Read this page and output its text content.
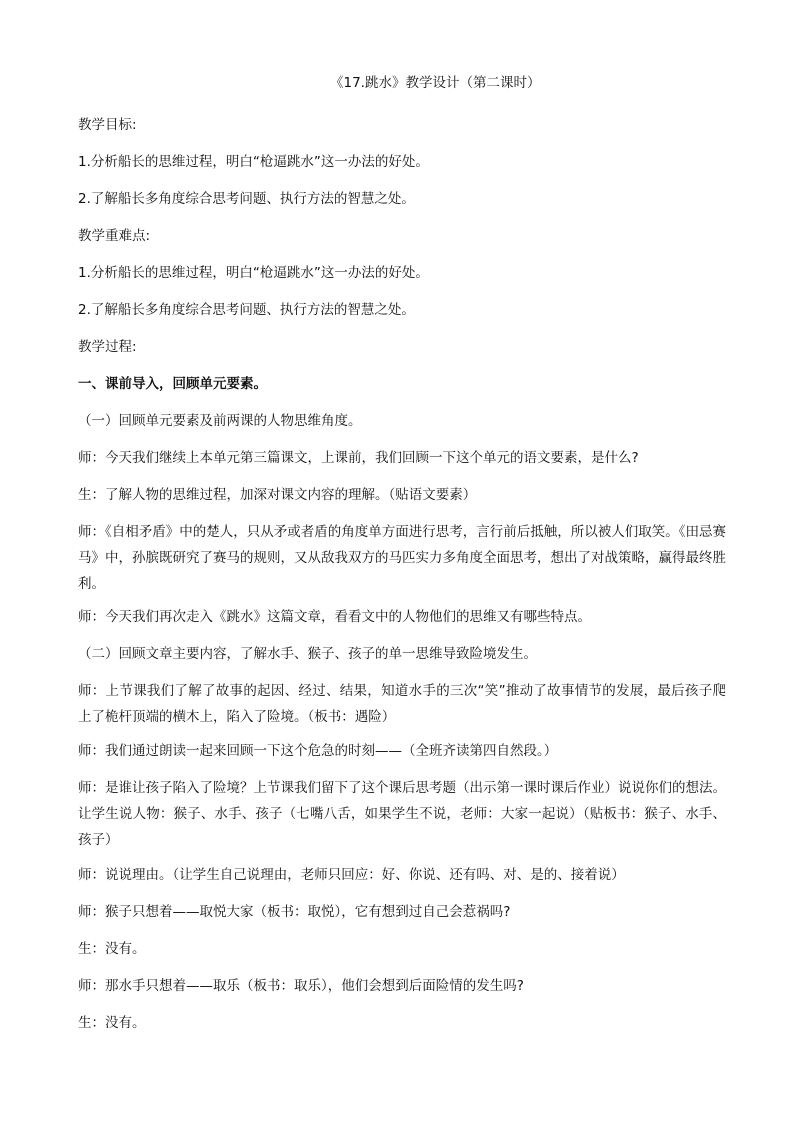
《17.跳水》教学设计（第二课时）
教学目标:
1.分析船长的思维过程，明白“枪逼跳水”这一办法的好处。
2.了解船长多角度综合思考问题、执行方法的智慧之处。
教学重难点:
1.分析船长的思维过程，明白“枪逼跳水”这一办法的好处。
2.了解船长多角度综合思考问题、执行方法的智慧之处。
教学过程:
一、课前导入，回顾单元要素。
（一）回顾单元要素及前两课的人物思维角度。
师：今天我们继续上本单元第三篇课文，上课前，我们回顾一下这个单元的语文要素，是什么?
生：了解人物的思维过程，加深对课文内容的理解。（贴语文要素）
师：《自相矛盾》中的楚人，只从矛或者盾的角度单方面进行思考，言行前后抵触，所以被人们取笑。《田忌赛马》中，孙膑既研究了赛马的规则，又从敌我双方的马匹实力多角度全面思考，想出了对战策略，赢得最终胜利。
师：今天我们再次走入《跳水》这篇文章，看看文中的人物他们的思维又有哪些特点。
（二）回顾文章主要内容，了解水手、猴子、孩子的单一思维导致险境发生。
师：上节课我们了解了故事的起因、经过、结果，知道水手的三次“笑”推动了故事情节的发展，最后孩子爬上了桅杆顶端的横木上，陷入了险境。（板书：遇险）
师：我们通过朗读一起来回顾一下这个危急的时刻——（全班齐读第四自然段。）
师：是谁让孩子陷入了险境？上节课我们留下了这个课后思考题（出示第一课时课后作业）说说你们的想法。让学生说人物：猴子、水手、孩子（七嘴八舌，如果学生不说，老师：大家一起说）（贴板书：猴子、水手、孩子）
师：说说理由。（让学生自己说理由，老师只回应：好、你说、还有吗、对、是的、接着说）
师：猴子只想着——取悦大家（板书：取悦），它有想到过自己会惹祸吗?
生：没有。
师：那水手只想着——取乐（板书：取乐），他们会想到后面险情的发生吗?
生：没有。
